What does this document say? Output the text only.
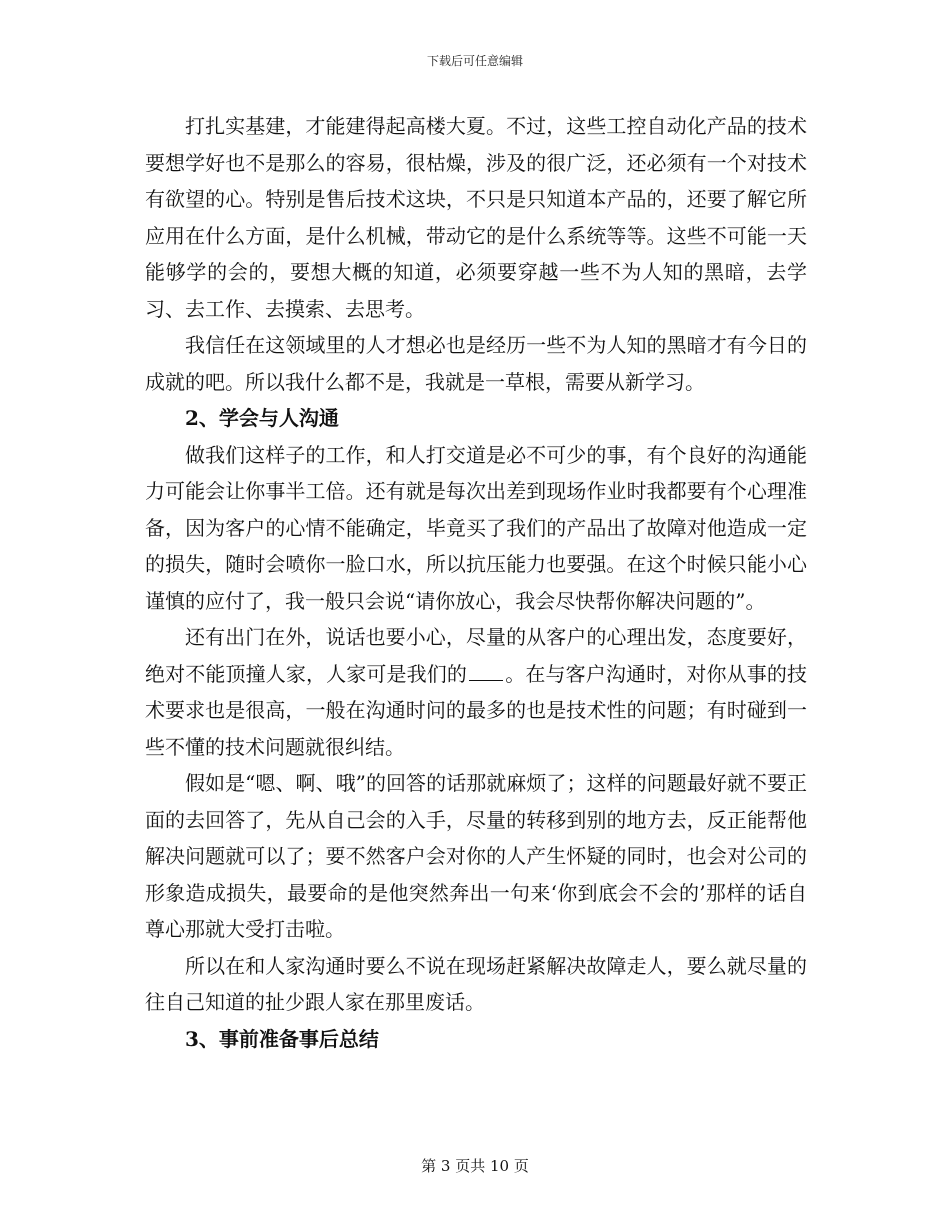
下载后可任意编辑

打扎实基建，才能建得起高楼大夏。不过，这些工控自动化产品的技术要想学好也不是那么的容易，很枯燥，涉及的很广泛，还必须有一个对技术有欲望的心。特别是售后技术这块，不只是只知道本产品的，还要了解它所应用在什么方面，是什么机械，带动它的是什么系统等等。这些不可能一天能够学的会的，要想大概的知道，必须要穿越一些不为人知的黑暗，去学习、去工作、去摸索、去思考。

我信任在这领域里的人才想必也是经历一些不为人知的黑暗才有今日的成就的吧。所以我什么都不是，我就是一草根，需要从新学习。

2、学会与人沟通

做我们这样子的工作，和人打交道是必不可少的事，有个良好的沟通能力可能会让你事半工倍。还有就是每次出差到现场作业时我都要有个心理准备，因为客户的心情不能确定，毕竟买了我们的产品出了故障对他造成一定的损失，随时会喷你一脸口水，所以抗压能力也要强。在这个时候只能小心谨慎的应付了，我一般只会说“请你放心，我会尽快帮你解决问题的”。

还有出门在外，说话也要小心，尽量的从客户的心理出发，态度要好，绝对不能顶撞人家，人家可是我们的 。在与客户沟通时，对你从事的技术要求也是很高，一般在沟通时问的最多的也是技术性的问题；有时碰到一些不懂的技术问题就很纠结。

假如是“嗯、啊、哦”的回答的话那就麻烦了；这样的问题最好就不要正面的去回答了，先从自己会的入手，尽量的转移到别的地方去，反正能帮他解决问题就可以了；要不然客户会对你的人产生怀疑的同时，也会对公司的形象造成损失，最要命的是他突然奔出一句来‘你到底会不会的’那样的话自尊心那就大受打击啦。

所以在和人家沟通时要么不说在现场赶紧解决故障走人，要么就尽量的往自己知道的扯少跟人家在那里废话。

3、事前准备事后总结
第 3 页共 10 页
